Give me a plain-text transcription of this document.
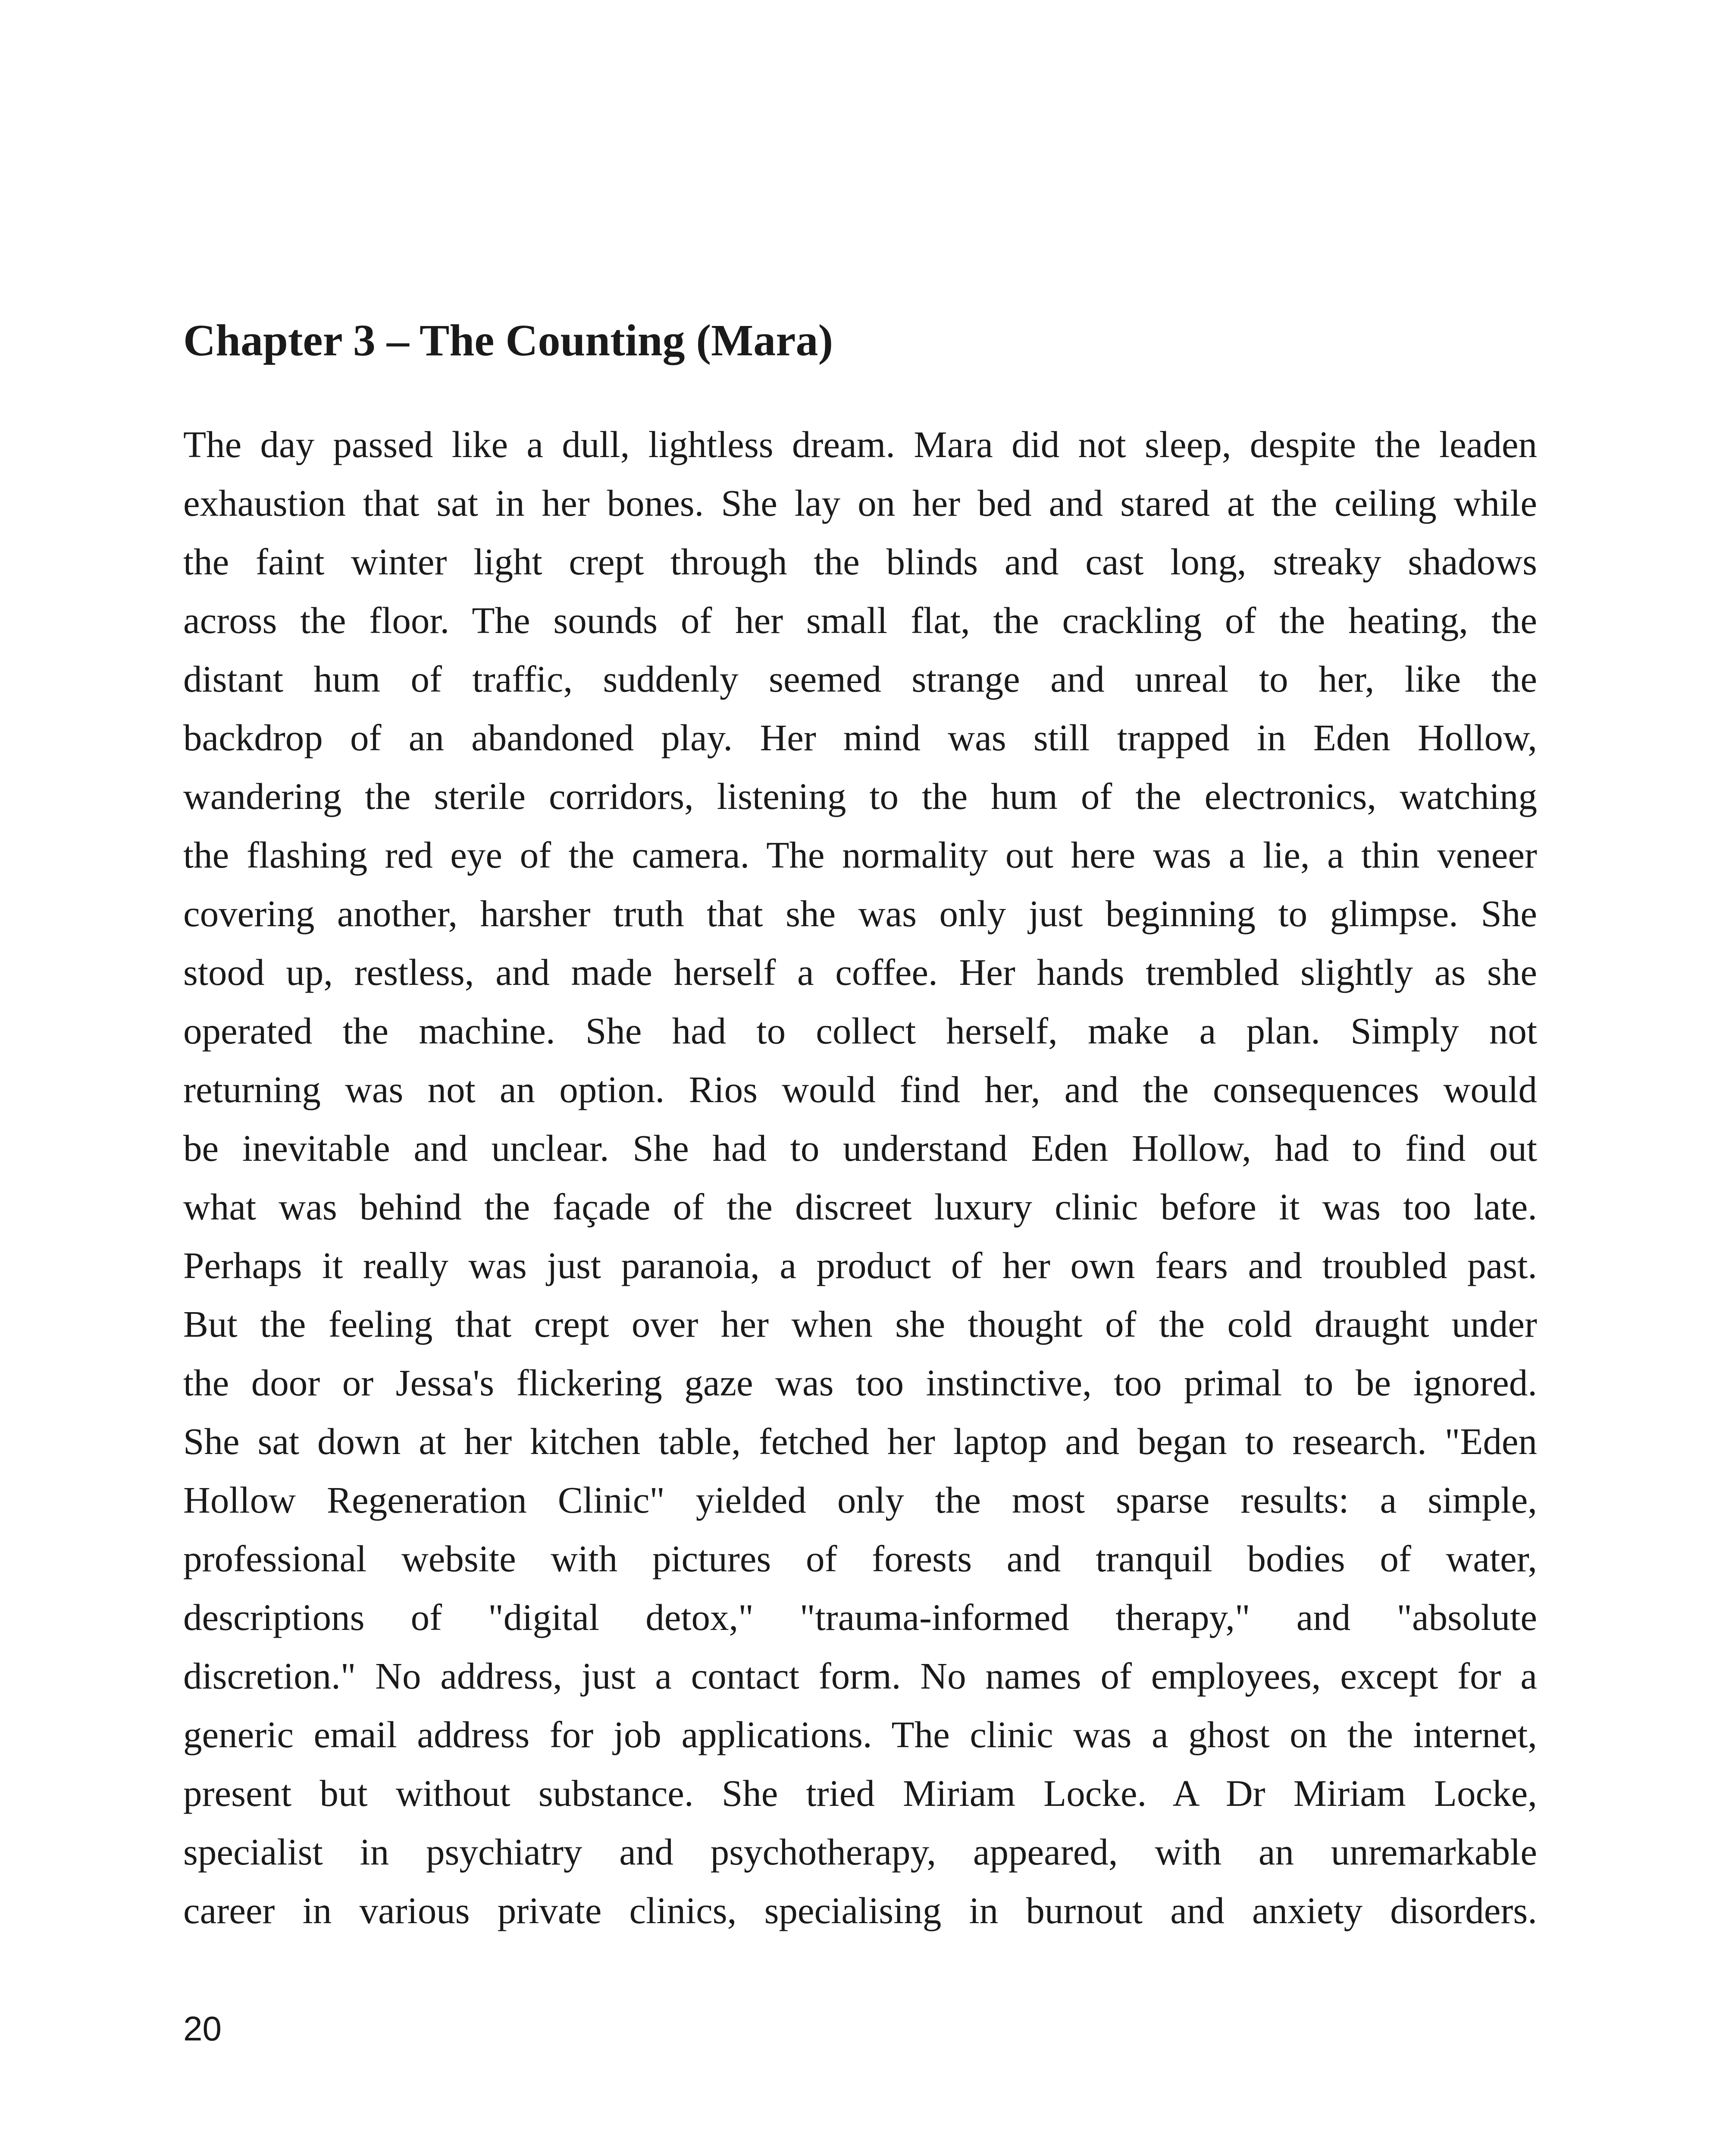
Chapter 3 – The Counting (Mara)
The day passed like a dull, lightless dream. Mara did not sleep, despite the leaden
exhaustion that sat in her bones. She lay on her bed and stared at the ceiling while
the faint winter light crept through the blinds and cast long, streaky shadows
across the floor. The sounds of her small flat, the crackling of the heating, the
distant hum of traffic, suddenly seemed strange and unreal to her, like the
backdrop of an abandoned play. Her mind was still trapped in Eden Hollow,
wandering the sterile corridors, listening to the hum of the electronics, watching
the flashing red eye of the camera. The normality out here was a lie, a thin veneer
covering another, harsher truth that she was only just beginning to glimpse. She
stood up, restless, and made herself a coffee. Her hands trembled slightly as she
operated the machine. She had to collect herself, make a plan. Simply not
returning was not an option. Rios would find her, and the consequences would
be inevitable and unclear. She had to understand Eden Hollow, had to find out
what was behind the façade of the discreet luxury clinic before it was too late.
Perhaps it really was just paranoia, a product of her own fears and troubled past.
But the feeling that crept over her when she thought of the cold draught under
the door or Jessa's flickering gaze was too instinctive, too primal to be ignored.
She sat down at her kitchen table, fetched her laptop and began to research. "Eden
Hollow Regeneration Clinic" yielded only the most sparse results: a simple,
professional website with pictures of forests and tranquil bodies of water,
descriptions of "digital detox," "trauma-informed therapy," and "absolute
discretion." No address, just a contact form. No names of employees, except for a
generic email address for job applications. The clinic was a ghost on the internet,
present but without substance. She tried Miriam Locke. A Dr Miriam Locke,
specialist in psychiatry and psychotherapy, appeared, with an unremarkable
career in various private clinics, specialising in burnout and anxiety disorders.
20
